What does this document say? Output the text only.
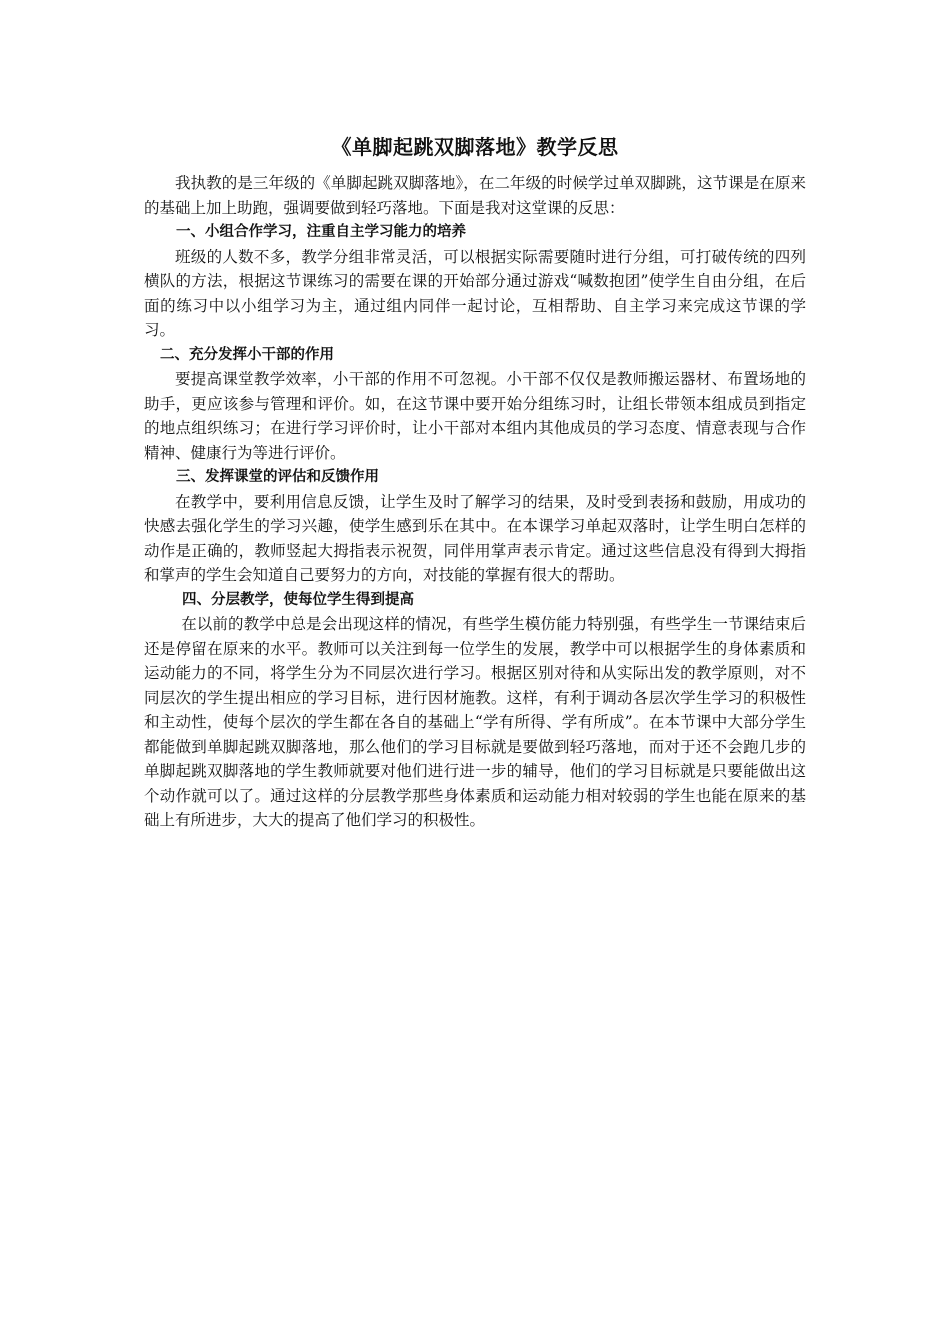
《单脚起跳双脚落地》教学反思

我执教的是三年级的《单脚起跳双脚落地》，在二年级的时候学过单双脚跳，这节课是在原来的基础上加上助跑，强调要做到轻巧落地。下面是我对这堂课的反思：

一、小组合作学习，注重自主学习能力的培养

班级的人数不多，教学分组非常灵活，可以根据实际需要随时进行分组，可打破传统的四列横队的方法，根据这节课练习的需要在课的开始部分通过游戏“喊数抱团”使学生自由分组，在后面的练习中以小组学习为主，通过组内同伴一起讨论，互相帮助、自主学习来完成这节课的学习。

二、充分发挥小干部的作用

要提高课堂教学效率，小干部的作用不可忽视。小干部不仅仅是教师搬运器材、布置场地的助手，更应该参与管理和评价。如，在这节课中要开始分组练习时，让组长带领本组成员到指定的地点组织练习；在进行学习评价时，让小干部对本组内其他成员的学习态度、情意表现与合作精神、健康行为等进行评价。

三、发挥课堂的评估和反馈作用

在教学中，要利用信息反馈，让学生及时了解学习的结果，及时受到表扬和鼓励，用成功的快感去强化学生的学习兴趣，使学生感到乐在其中。在本课学习单起双落时，让学生明白怎样的动作是正确的，教师竖起大拇指表示祝贺，同伴用掌声表示肯定。通过这些信息没有得到大拇指和掌声的学生会知道自己要努力的方向，对技能的掌握有很大的帮助。

四、分层教学，使每位学生得到提高

在以前的教学中总是会出现这样的情况，有些学生模仿能力特别强，有些学生一节课结束后还是停留在原来的水平。教师可以关注到每一位学生的发展，教学中可以根据学生的身体素质和运动能力的不同，将学生分为不同层次进行学习。根据区别对待和从实际出发的教学原则，对不同层次的学生提出相应的学习目标，进行因材施教。这样，有利于调动各层次学生学习的积极性和主动性，使每个层次的学生都在各自的基础上“学有所得、学有所成”。在本节课中大部分学生都能做到单脚起跳双脚落地，那么他们的学习目标就是要做到轻巧落地，而对于还不会跑几步的单脚起跳双脚落地的学生教师就要对他们进行进一步的辅导，他们的学习目标就是只要能做出这个动作就可以了。通过这样的分层教学那些身体素质和运动能力相对较弱的学生也能在原来的基础上有所进步，大大的提高了他们学习的积极性。
